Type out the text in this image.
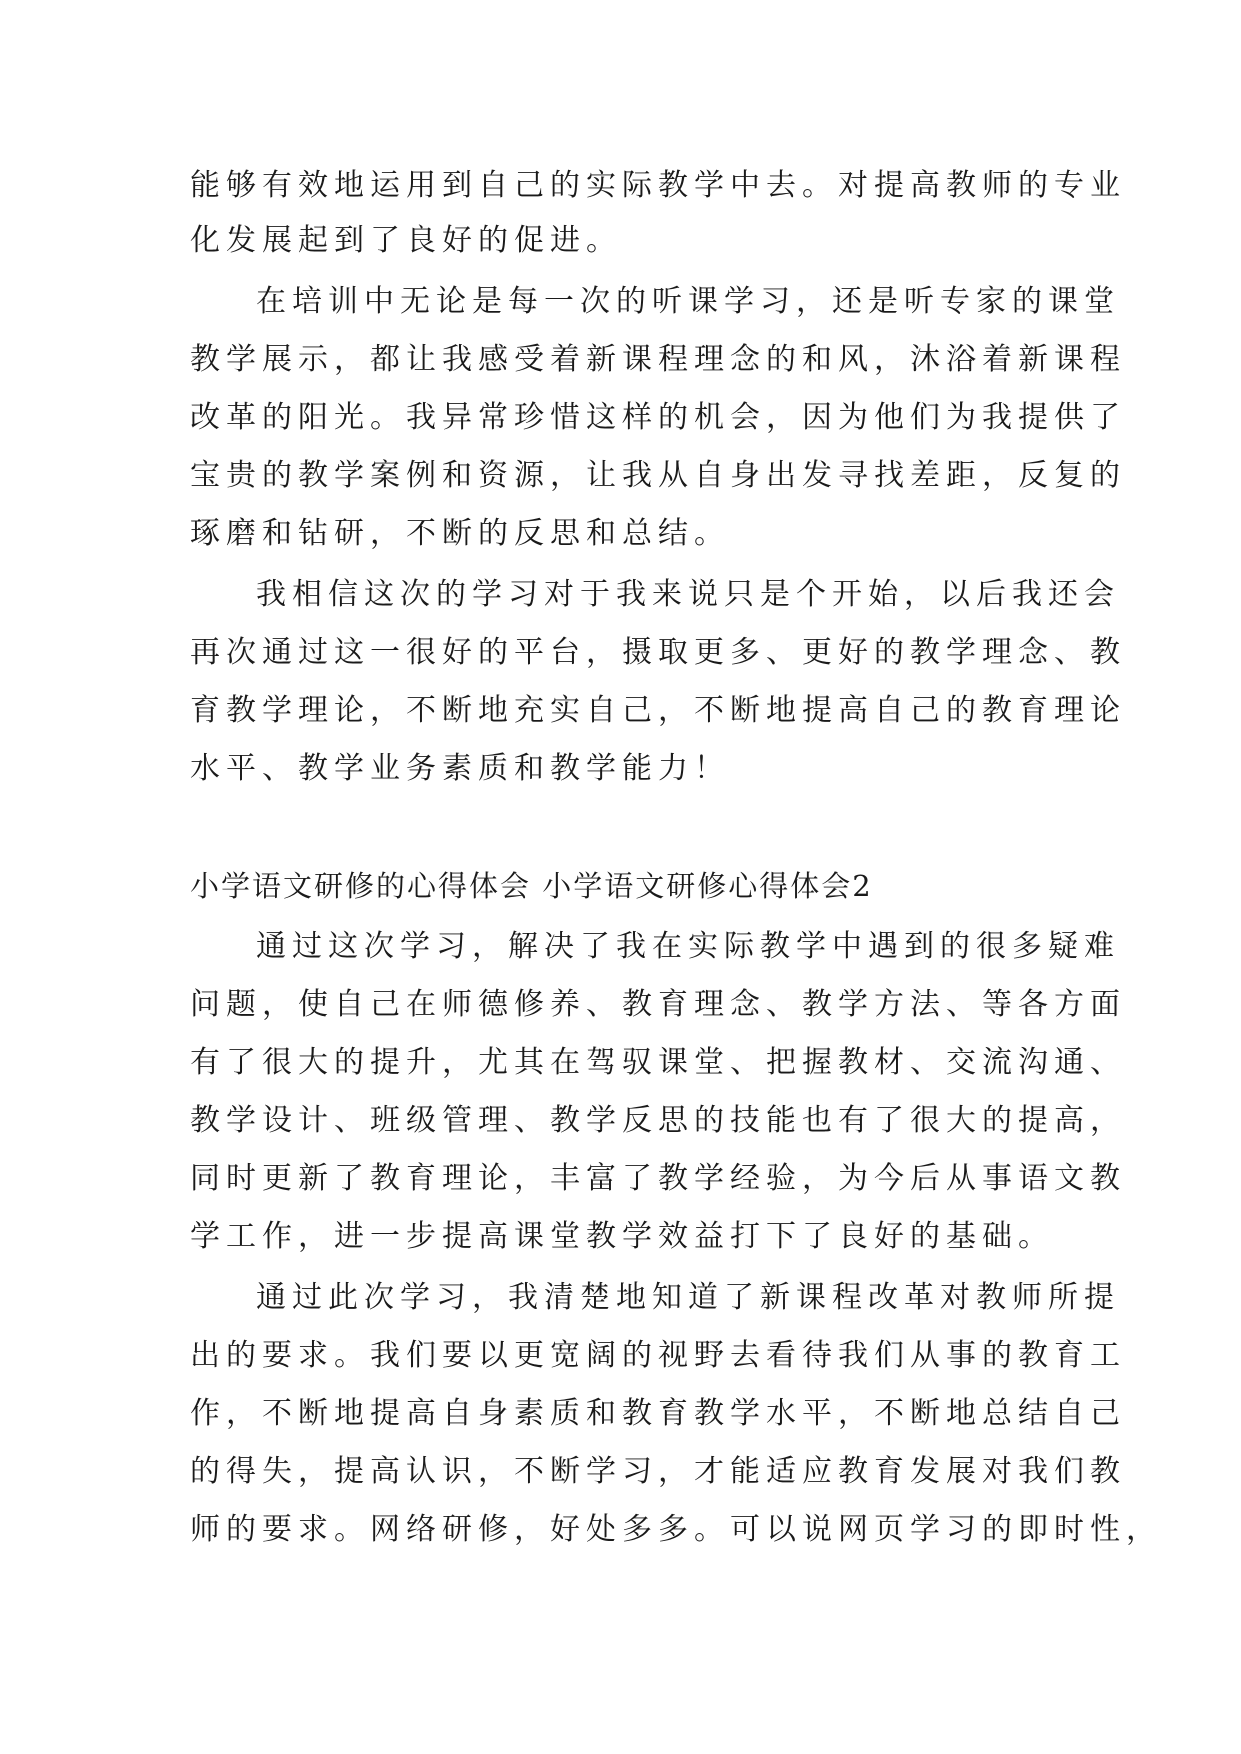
能够有效地运用到自己的实际教学中去。对提高教师的专业
化发展起到了良好的促进。
在培训中无论是每一次的听课学习，还是听专家的课堂
教学展示，都让我感受着新课程理念的和风，沐浴着新课程
改革的阳光。我异常珍惜这样的机会，因为他们为我提供了
宝贵的教学案例和资源，让我从自身出发寻找差距，反复的
琢磨和钻研，不断的反思和总结。
我相信这次的学习对于我来说只是个开始，以后我还会
再次通过这一很好的平台，摄取更多、更好的教学理念、教
育教学理论，不断地充实自己，不断地提高自己的教育理论
水平、教学业务素质和教学能力！
小学语文研修的心得体会 小学语文研修心得体会2
通过这次学习，解决了我在实际教学中遇到的很多疑难
问题，使自己在师德修养、教育理念、教学方法、等各方面
有了很大的提升，尤其在驾驭课堂、把握教材、交流沟通、
教学设计、班级管理、教学反思的技能也有了很大的提高，
同时更新了教育理论，丰富了教学经验，为今后从事语文教
学工作，进一步提高课堂教学效益打下了良好的基础。
通过此次学习，我清楚地知道了新课程改革对教师所提
出的要求。我们要以更宽阔的视野去看待我们从事的教育工
作，不断地提高自身素质和教育教学水平，不断地总结自己
的得失，提高认识，不断学习，才能适应教育发展对我们教
师的要求。网络研修，好处多多。可以说网页学习的即时性，
